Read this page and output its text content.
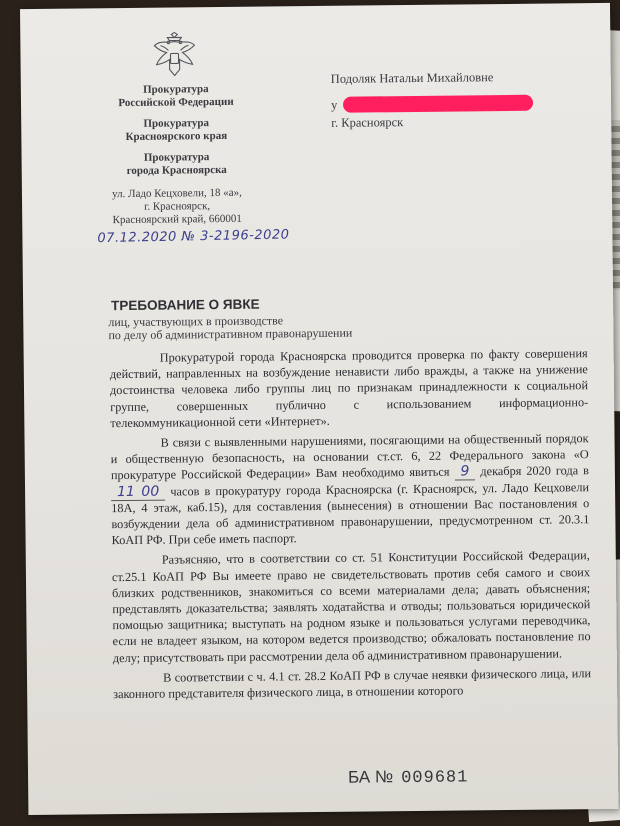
Прокуратура
Российской Федерации
Прокуратура
Красноярского края
Прокуратура
города Красноярска
ул. Ладо Кецховели, 18 «а»,
г. Красноярск,
Красноярский край, 660001
07.12.2020 № 3-2196-2020
Подоляк Натальи Михайловне
у
г. Красноярск
ТРЕБОВАНИЕ О ЯВКЕ
лиц, участвующих в производстве
по делу об административном правонарушении

Прокуратурой города Красноярска проводится проверка по факту совершения действий, направленных на возбуждение ненависти либо вражды, а также на унижение достоинства человека либо группы лиц по признакам принадлежности к социальной группе, совершенных публично с использованием информационно-телекоммуникационной сети «Интернет».

В связи с выявленными нарушениями, посягающими на общественный порядок и общественную безопасность, на основании ст.ст. 6, 22 Федерального закона «О прокуратуре Российской Федерации» Вам необходимо явиться 9 декабря 2020 года в 11 00 часов в прокуратуру города Красноярска (г. Красноярск, ул. Ладо Кецховели 18А, 4 этаж, каб.15), для составления (вынесения) в отношении Вас постановления о возбуждении дела об административном правонарушении, предусмотренном ст. 20.3.1 КоАП РФ. При себе иметь паспорт.

Разъясняю, что в соответствии со ст. 51 Конституции Российской Федерации, ст.25.1 КоАП РФ Вы имеете право не свидетельствовать против себя самого и своих близких родственников, знакомиться со всеми материалами дела; давать объяснения; представлять доказательства; заявлять ходатайства и отводы; пользоваться юридической помощью защитника; выступать на родном языке и пользоваться услугами переводчика, если не владеет языком, на котором ведется производство; обжаловать постановление по делу; присутствовать при рассмотрении дела об административном правонарушении.

В соответствии с ч. 4.1 ст. 28.2 КоАП РФ в случае неявки физического лица, или законного представителя физического лица, в отношении которого

БА № 009681
